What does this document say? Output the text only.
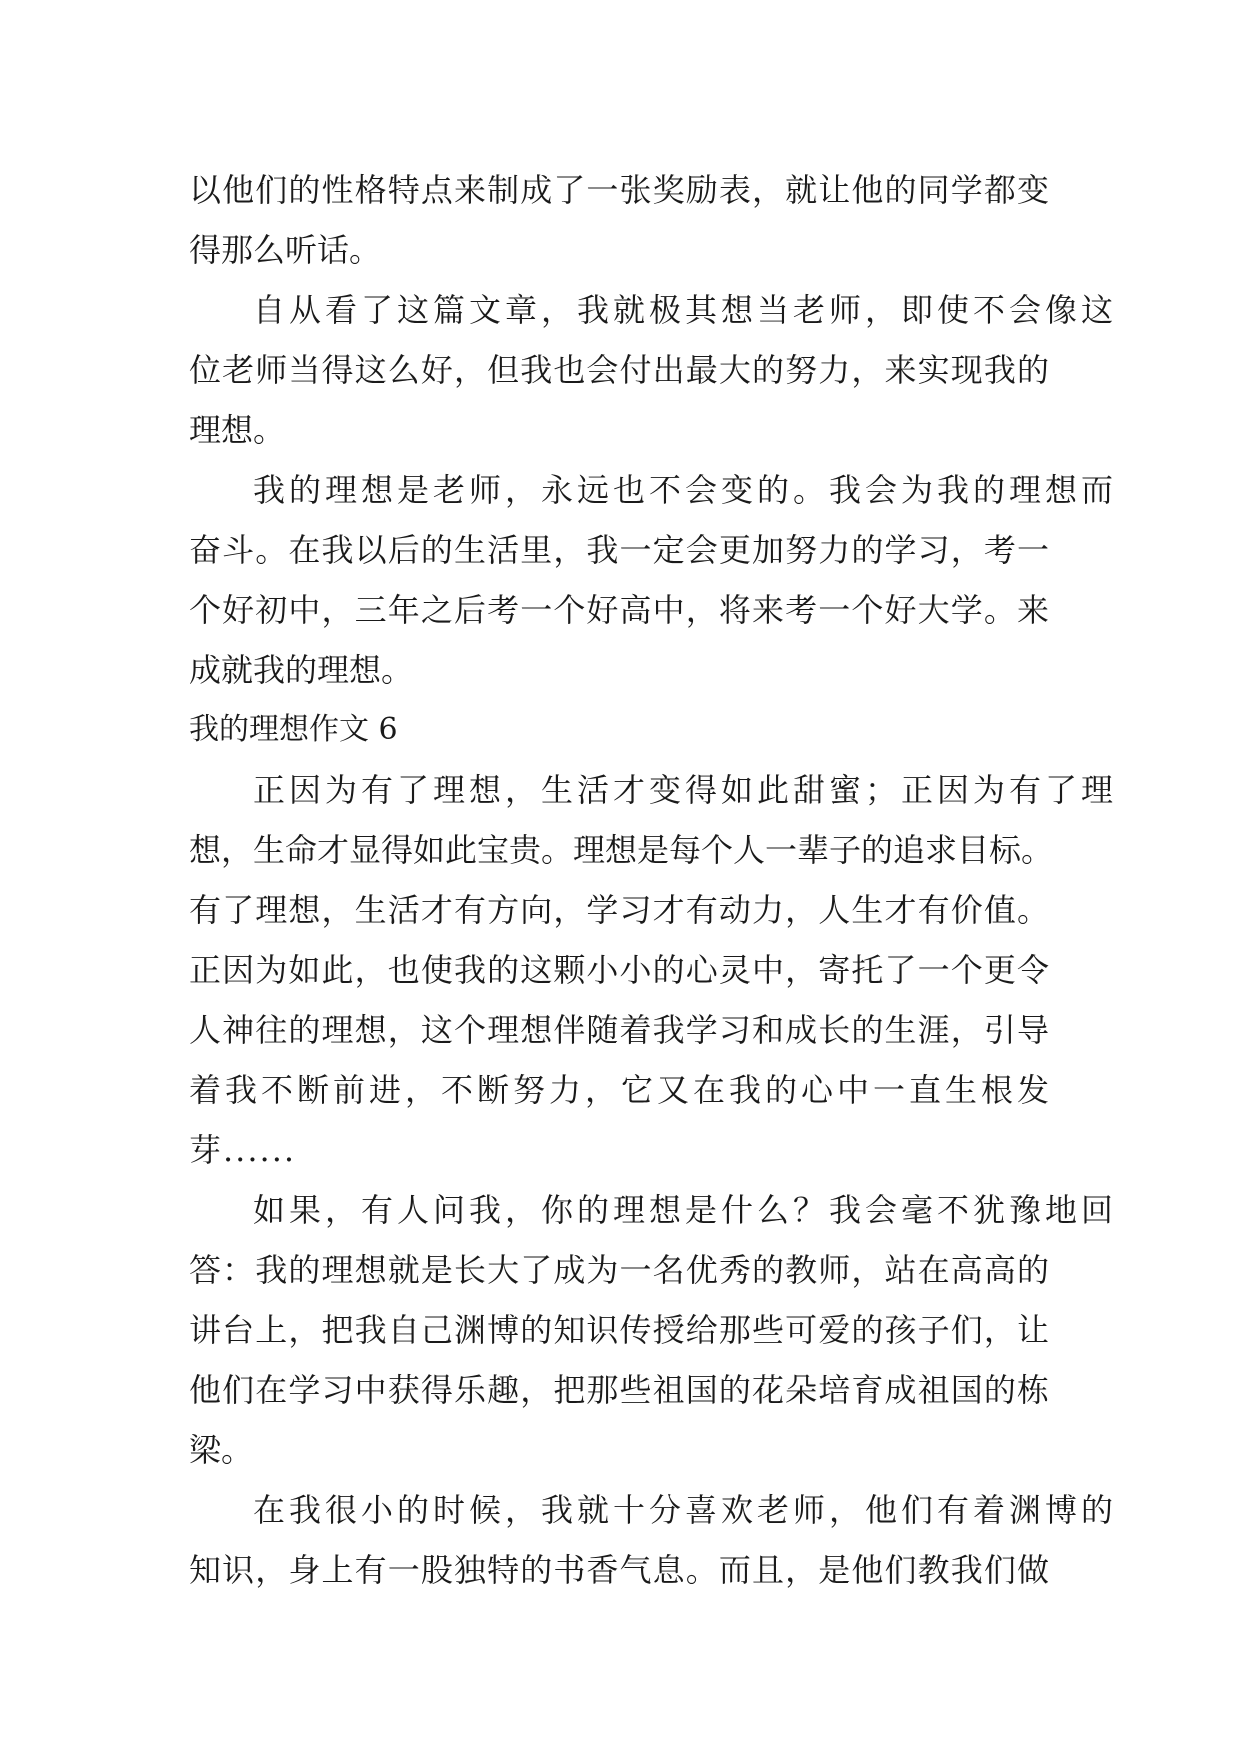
以他们的性格特点来制成了一张奖励表，就让他的同学都变
得那么听话。
自从看了这篇文章，我就极其想当老师，即使不会像这
位老师当得这么好，但我也会付出最大的努力，来实现我的
理想。
我的理想是老师，永远也不会变的。我会为我的理想而
奋斗。在我以后的生活里，我一定会更加努力的学习，考一
个好初中，三年之后考一个好高中，将来考一个好大学。来
成就我的理想。
我的理想作文 6
正因为有了理想，生活才变得如此甜蜜；正因为有了理
想，生命才显得如此宝贵。理想是每个人一辈子的追求目标。
有了理想，生活才有方向，学习才有动力，人生才有价值。
正因为如此，也使我的这颗小小的心灵中，寄托了一个更令
人神往的理想，这个理想伴随着我学习和成长的生涯，引导
着我不断前进，不断努力，它又在我的心中一直生根发
芽......
如果，有人问我，你的理想是什么？我会毫不犹豫地回
答：我的理想就是长大了成为一名优秀的教师，站在高高的
讲台上，把我自己渊博的知识传授给那些可爱的孩子们，让
他们在学习中获得乐趣，把那些祖国的花朵培育成祖国的栋
梁。
在我很小的时候，我就十分喜欢老师，他们有着渊博的
知识，身上有一股独特的书香气息。而且，是他们教我们做
